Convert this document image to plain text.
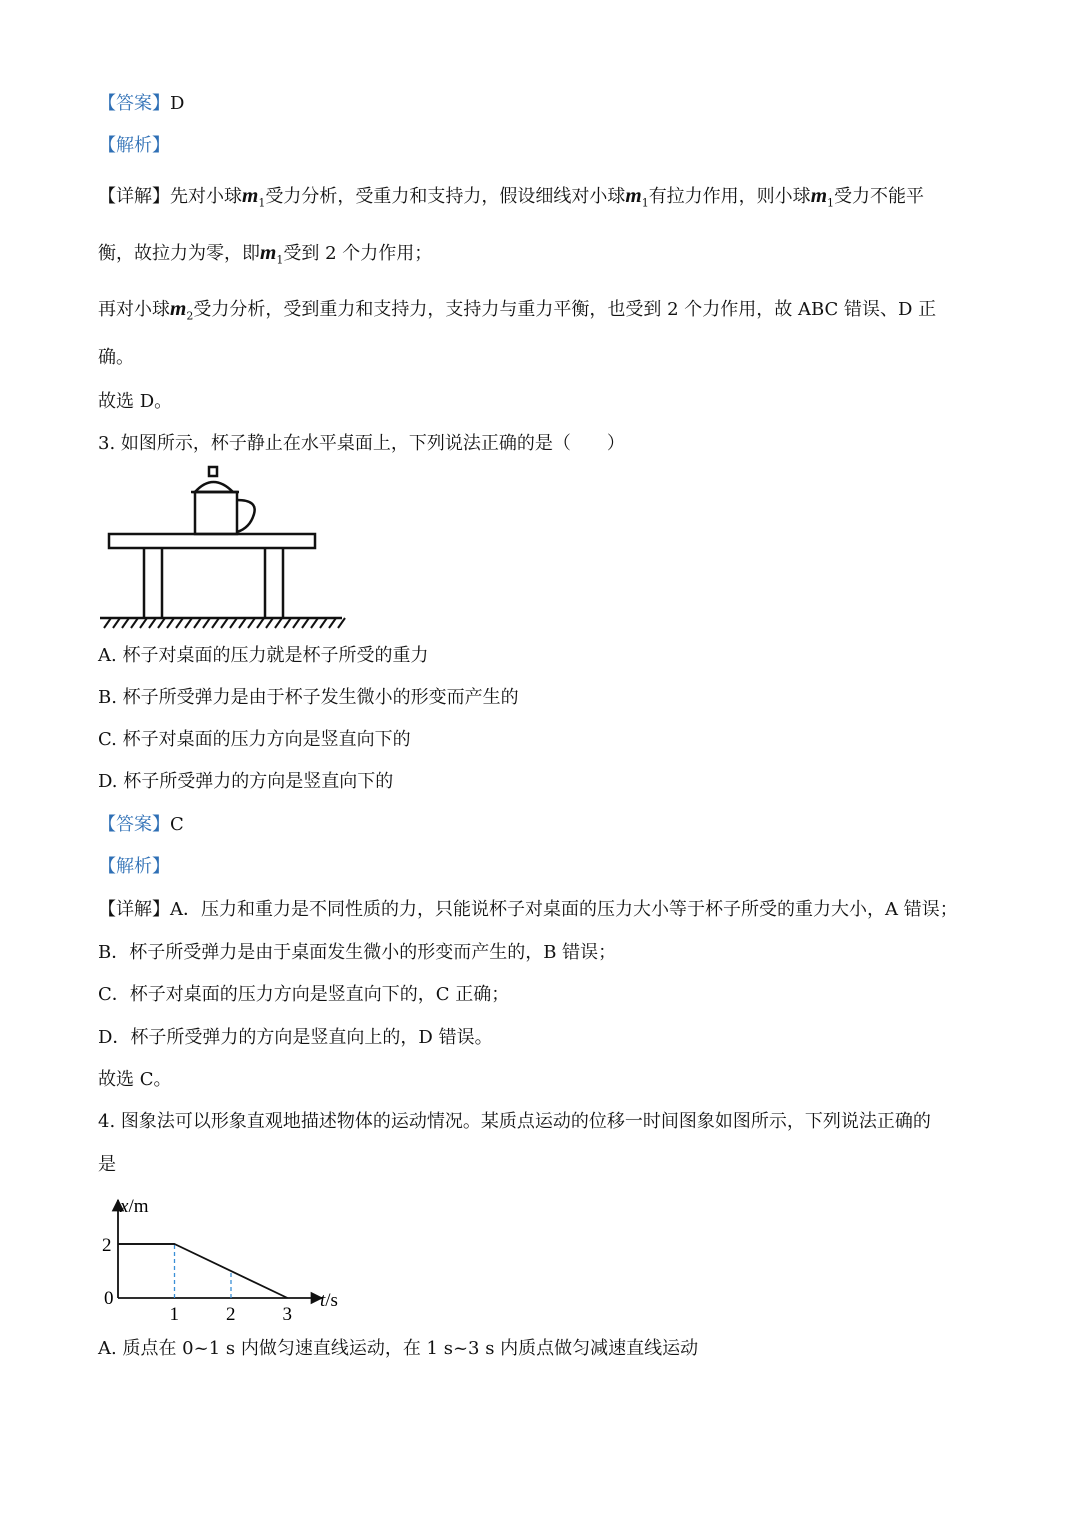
【答案】D
【解析】
【详解】先对小球$m_1$受力分析，受重力和支持力，假设细线对小球$m_1$有拉力作用，则小球$m_1$受力不能平
衡，故拉力为零，即$m_1$受到 2 个力作用；
再对小球$m_2$受力分析，受到重力和支持力，支持力与重力平衡，也受到 2 个力作用，故 ABC 错误、D 正
确。
故选 D。
3. 如图所示，杯子静止在水平桌面上，下列说法正确的是（　　）
A. 杯子对桌面的压力就是杯子所受的重力
B. 杯子所受弹力是由于杯子发生微小的形变而产生的
C. 杯子对桌面的压力方向是竖直向下的
D. 杯子所受弹力的方向是竖直向下的
【答案】C
【解析】
【详解】A．压力和重力是不同性质的力，只能说杯子对桌面的压力大小等于杯子所受的重力大小，A 错误；
B．杯子所受弹力是由于桌面发生微小的形变而产生的，B 错误；
C．杯子对桌面的压力方向是竖直向下的，C 正确；
D．杯子所受弹力的方向是竖直向上的，D 错误。
故选 C。
4. 图象法可以形象直观地描述物体的运动情况。某质点运动的位移一时间图象如图所示，下列说法正确的
是
1 2 3
2
x/m
t/s
0
A. 质点在 0~1 s 内做匀速直线运动，在 1 s~3 s 内质点做匀减速直线运动
